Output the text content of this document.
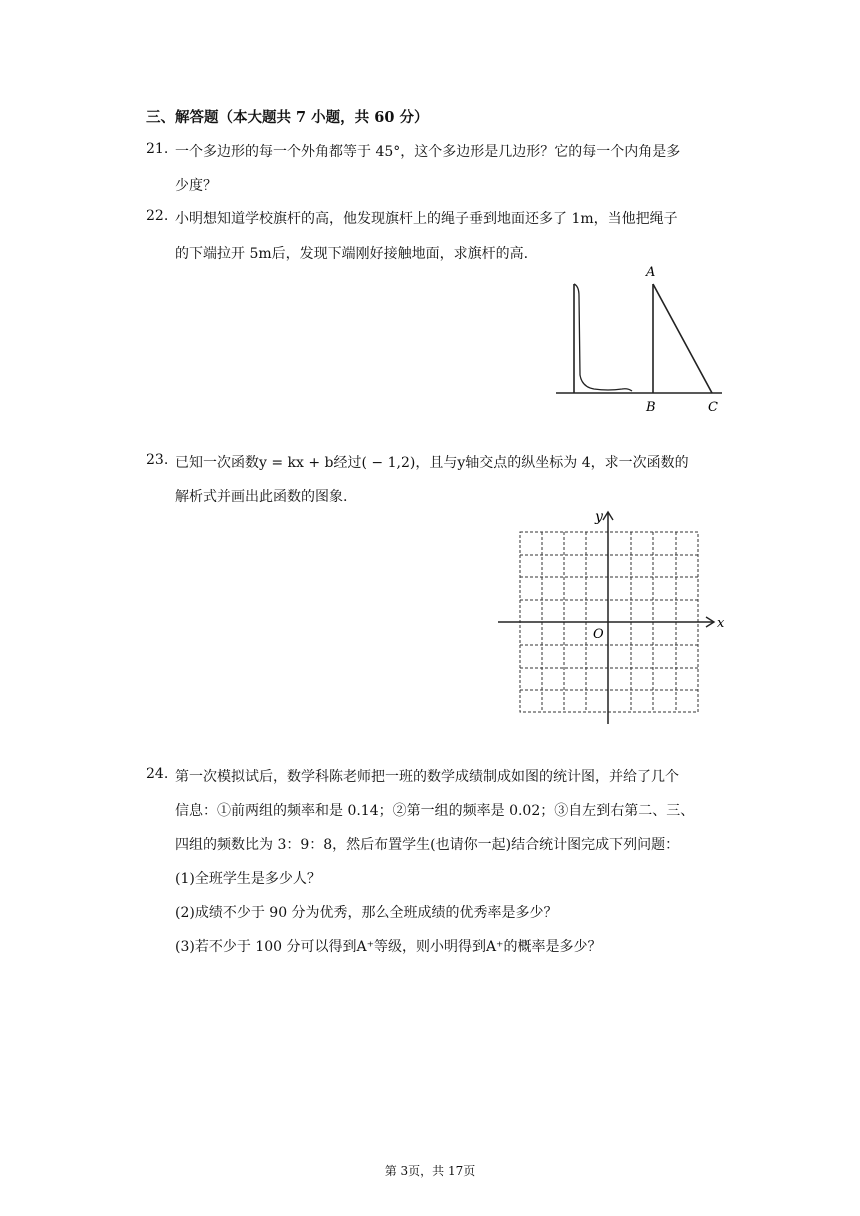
三、解答题（本大题共 7 小题，共 60 分）
21. 一个多边形的每一个外角都等于 45°，这个多边形是几边形？它的每一个内角是多
少度？
22. 小明想知道学校旗杆的高，他发现旗杆上的绳子垂到地面还多了 1m，当他把绳子
的下端拉开 5m后，发现下端刚好接触地面，求旗杆的高.
A
B	C
23. 已知一次函数y = kx + b经过( − 1,2)，且与y轴交点的纵坐标为 4，求一次函数的
解析式并画出此函数的图象.
x
y
O
24. 第一次模拟试后，数学科陈老师把一班的数学成绩制成如图的统计图，并给了几个
信息：①前两组的频率和是 0.14；②第一组的频率是 0.02；③自左到右第二、三、
四组的频数比为 3：9：8，然后布置学生(也请你一起)结合统计图完成下列问题：
(1)全班学生是多少人？
(2)成绩不少于 90 分为优秀，那么全班成绩的优秀率是多少？
(3)若不少于 100 分可以得到A⁺等级，则小明得到A⁺的概率是多少？
第 3页，共 17页
